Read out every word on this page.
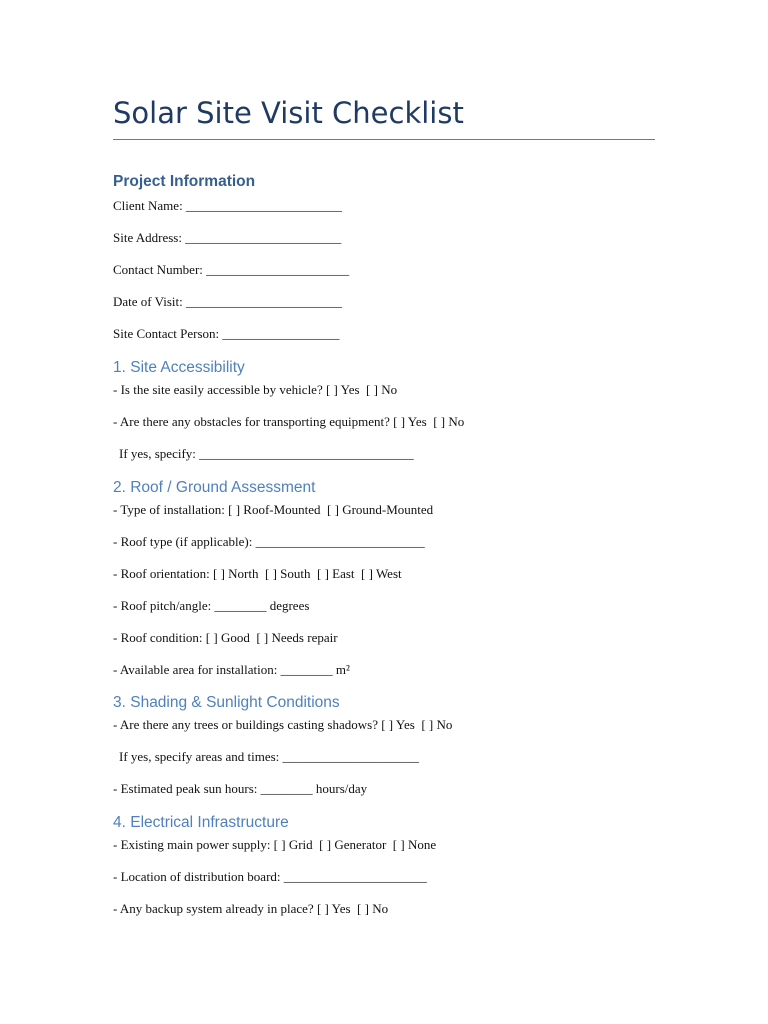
Solar Site Visit Checklist
Project Information

Client Name: ________________________

Site Address: ________________________

Contact Number: ______________________

Date of Visit: ________________________

Site Contact Person: __________________

1. Site Accessibility

- Is the site easily accessible by vehicle? [ ] Yes  [ ] No

- Are there any obstacles for transporting equipment? [ ] Yes  [ ] No

If yes, specify: _________________________________

2. Roof / Ground Assessment

- Type of installation: [ ] Roof-Mounted  [ ] Ground-Mounted

- Roof type (if applicable): __________________________

- Roof orientation: [ ] North  [ ] South  [ ] East  [ ] West

- Roof pitch/angle: ________ degrees

- Roof condition: [ ] Good  [ ] Needs repair

- Available area for installation: ________ m²

3. Shading & Sunlight Conditions

- Are there any trees or buildings casting shadows? [ ] Yes  [ ] No

If yes, specify areas and times: _____________________

- Estimated peak sun hours: ________ hours/day

4. Electrical Infrastructure

- Existing main power supply: [ ] Grid  [ ] Generator  [ ] None

- Location of distribution board: ______________________

- Any backup system already in place? [ ] Yes  [ ] No
